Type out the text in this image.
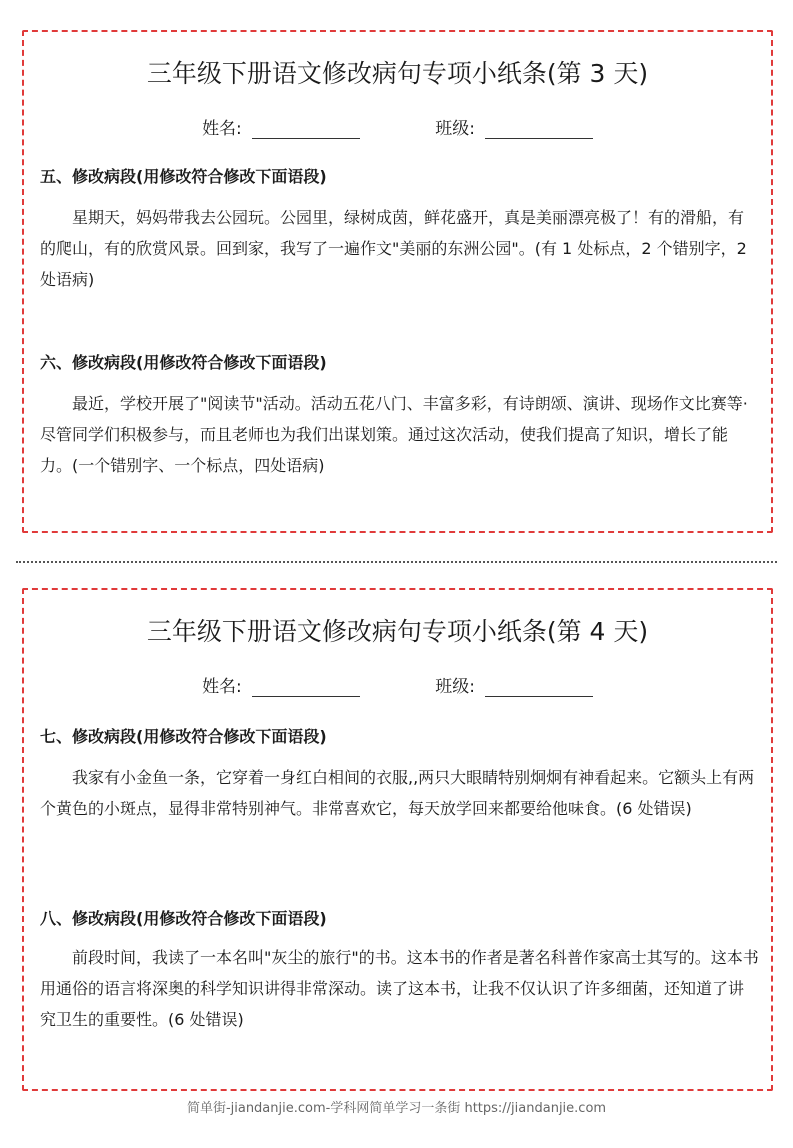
三年级下册语文修改病句专项小纸条(第 3 天)
姓名:	班级:
五、修改病段(用修改符合修改下面语段)

星期天，妈妈带我去公园玩。公园里，绿树成茵，鲜花盛开，真是美丽漂亮极了！有的滑船，有的爬山，有的欣赏风景。回到家，我写了一遍作文"美丽的东洲公园"。(有 1 处标点，2 个错别字，2 处语病)

六、修改病段(用修改符合修改下面语段)

最近，学校开展了"阅读节"活动。活动五花八门、丰富多彩，有诗朗颂、演讲、现场作文比赛等·尽管同学们积极参与，而且老师也为我们出谋划策。通过这次活动，使我们提高了知识，增长了能力。(一个错别字、一个标点，四处语病)

三年级下册语文修改病句专项小纸条(第 4 天)
姓名:	班级:
七、修改病段(用修改符合修改下面语段)

我家有小金鱼一条，它穿着一身红白相间的衣服,,两只大眼睛特别炯炯有神看起来。它额头上有两个黄色的小斑点，显得非常特别神气。非常喜欢它，每天放学回来都要给他味食。(6 处错误)

八、修改病段(用修改符合修改下面语段)

前段时间，我读了一本名叫"灰尘的旅行"的书。这本书的作者是著名科普作家高士其写的。这本书用通俗的语言将深奥的科学知识讲得非常深动。读了这本书，让我不仅认识了许多细菌，还知道了讲究卫生的重要性。(6 处错误)

简单街-jiandanjie.com-学科网简单学习一条街 https://jiandanjie.com
